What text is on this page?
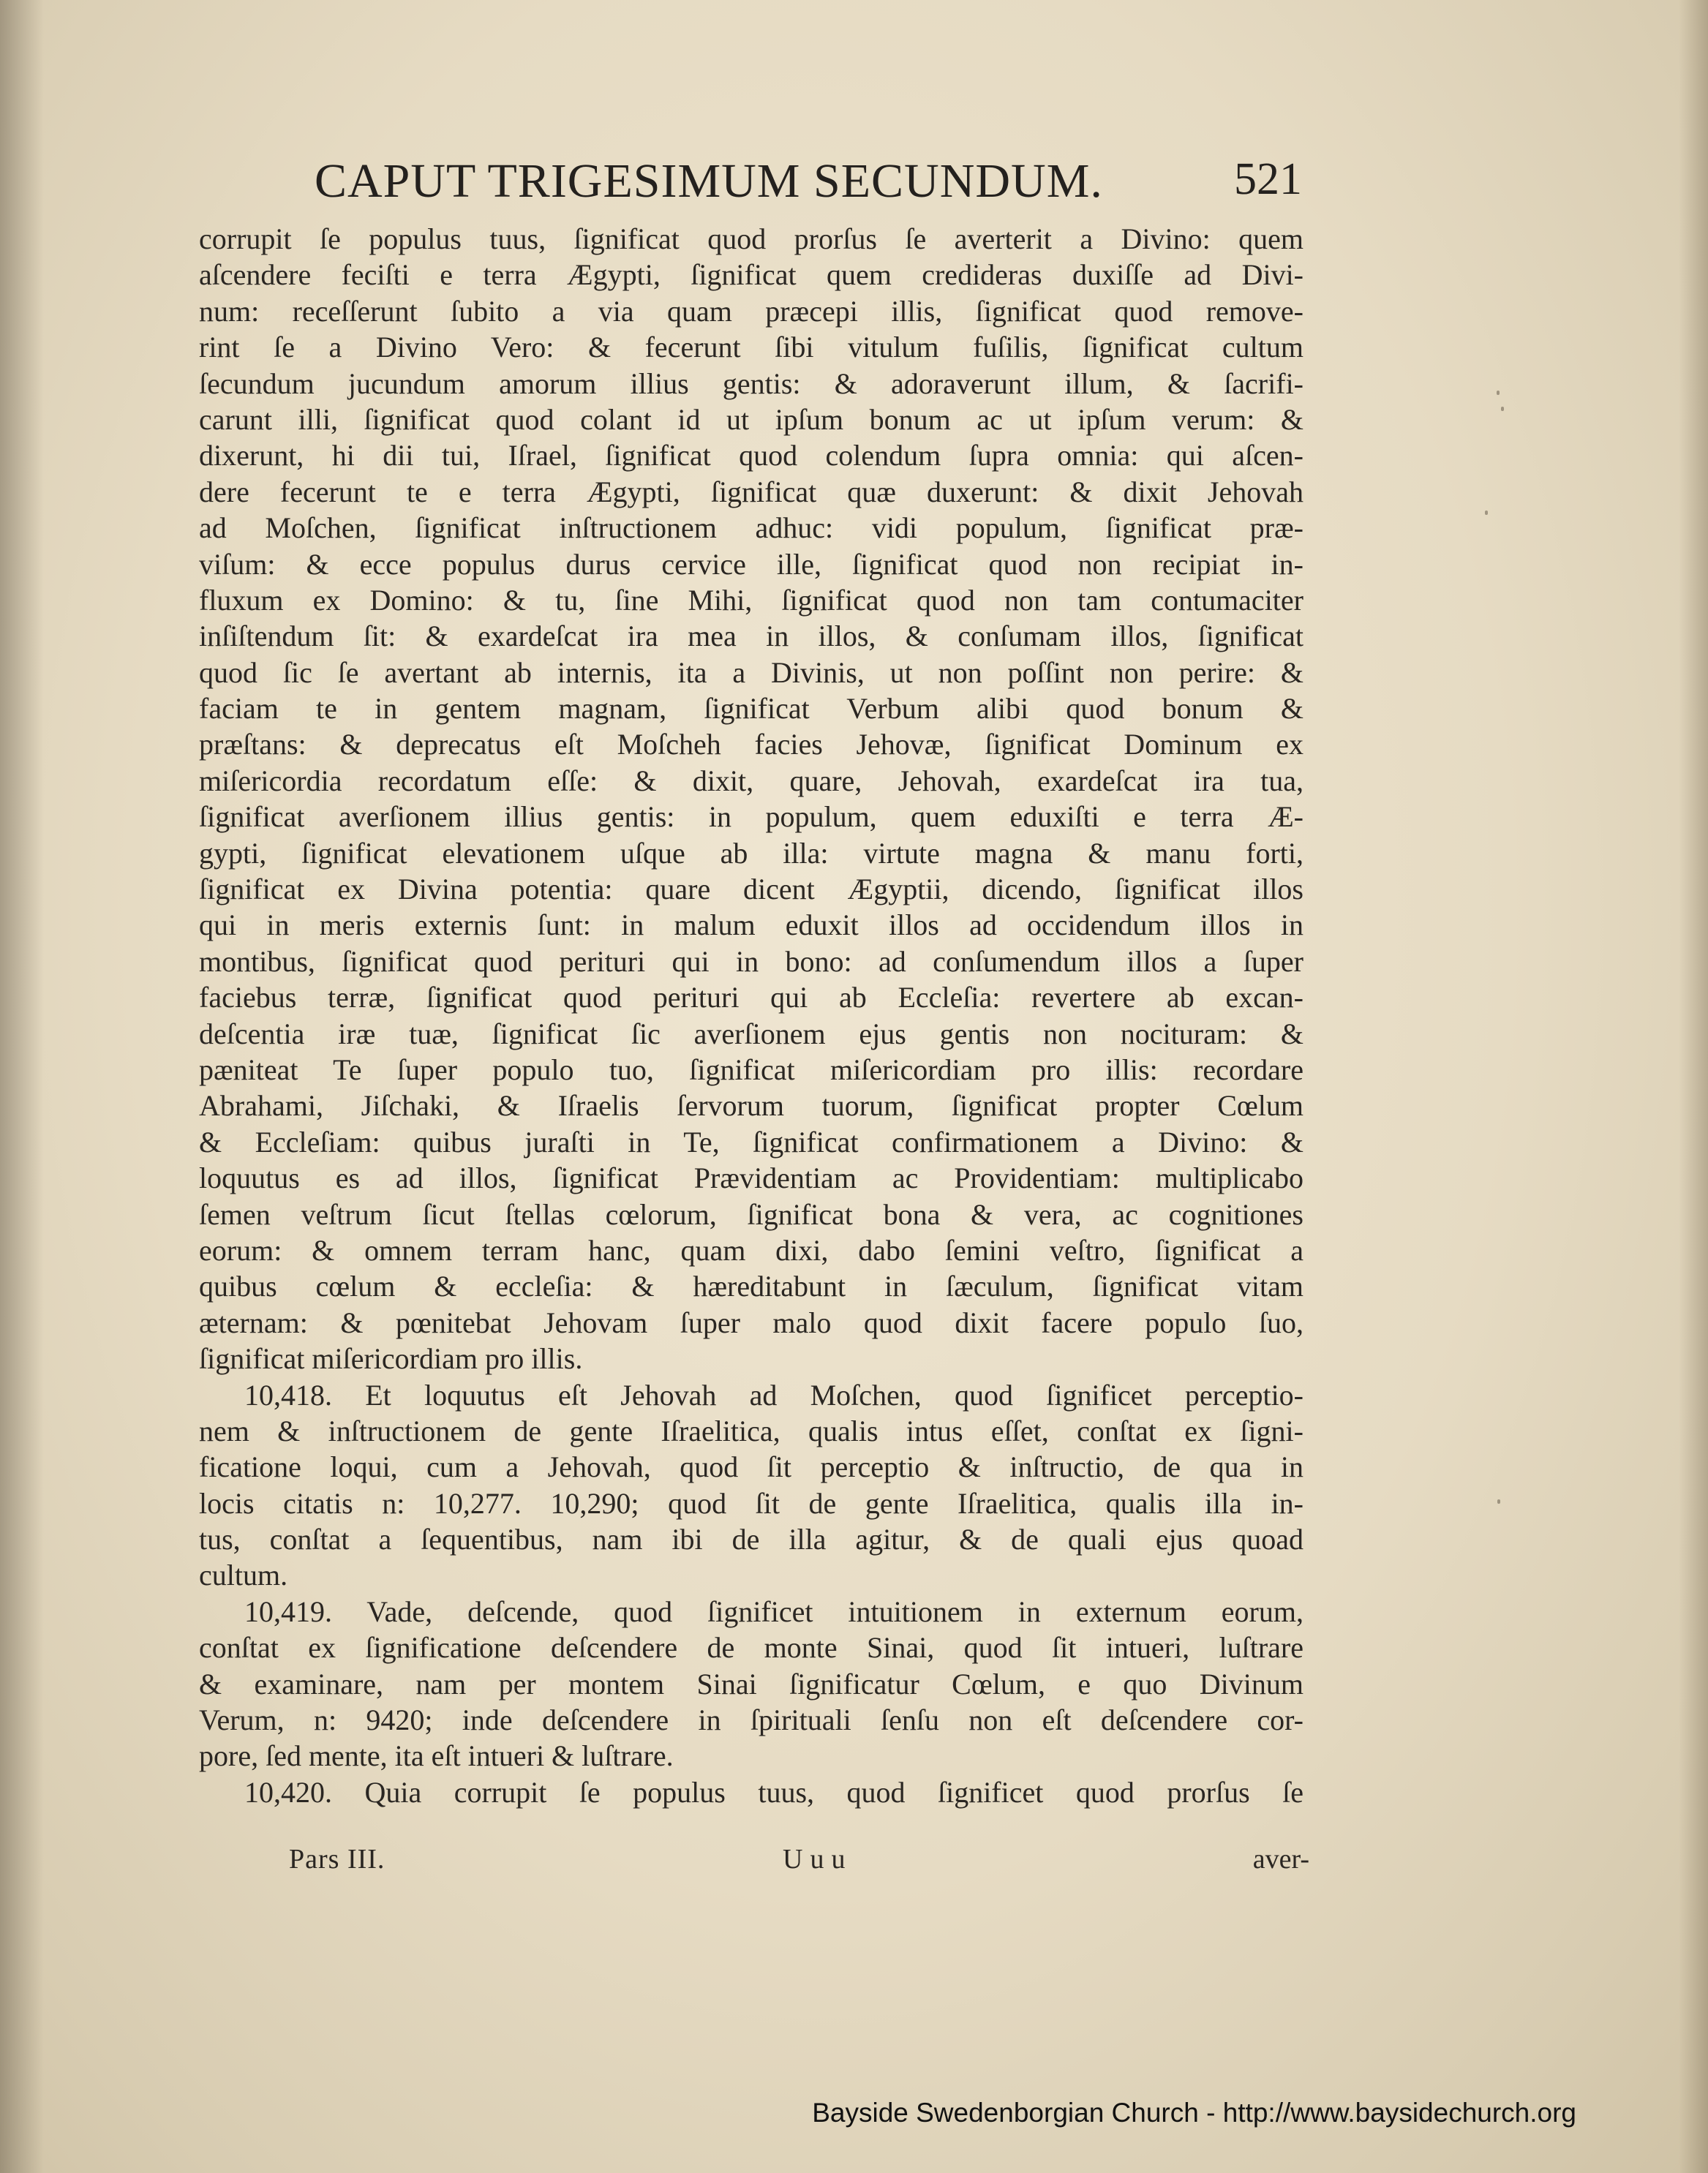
CAPUT TRIGESIMUM SECUNDUM.	521
corrupit ſe populus tuus, ſignificat quod prorſus ſe averterit a Divino: quem
aſcendere feciſti e terra Ægypti, ſignificat quem credideras duxiſſe ad Divi-
num: receſſerunt ſubito a via quam præcepi illis, ſignificat quod remove-
rint ſe a Divino Vero: & fecerunt ſibi vitulum fuſilis, ſignificat cultum
ſecundum jucundum amorum illius gentis: & adoraverunt illum, & ſacrifi-
carunt illi, ſignificat quod colant id ut ipſum bonum ac ut ipſum verum: &
dixerunt, hi dii tui, Iſrael, ſignificat quod colendum ſupra omnia: qui aſcen-
dere fecerunt te e terra Ægypti, ſignificat quæ duxerunt: & dixit Jehovah
ad Moſchen, ſignificat inſtructionem adhuc: vidi populum, ſignificat præ-
viſum: & ecce populus durus cervice ille, ſignificat quod non recipiat in-
fluxum ex Domino: & tu, ſine Mihi, ſignificat quod non tam contumaciter
inſiſtendum ſit: & exardeſcat ira mea in illos, & conſumam illos, ſignificat
quod ſic ſe avertant ab internis, ita a Divinis, ut non poſſint non perire: &
faciam te in gentem magnam, ſignificat Verbum alibi quod bonum &
præſtans: & deprecatus eſt Moſcheh facies Jehovæ, ſignificat Dominum ex
miſericordia recordatum eſſe: & dixit, quare, Jehovah, exardeſcat ira tua,
ſignificat averſionem illius gentis: in populum, quem eduxiſti e terra Æ-
gypti, ſignificat elevationem uſque ab illa: virtute magna & manu forti,
ſignificat ex Divina potentia: quare dicent Ægyptii, dicendo, ſignificat illos
qui in meris externis ſunt: in malum eduxit illos ad occidendum illos in
montibus, ſignificat quod perituri qui in bono: ad conſumendum illos a ſuper
faciebus terræ, ſignificat quod perituri qui ab Eccleſia: revertere ab excan-
deſcentia iræ tuæ, ſignificat ſic averſionem ejus gentis non nocituram: &
pæniteat Te ſuper populo tuo, ſignificat miſericordiam pro illis: recordare
Abrahami, Jiſchaki, & Iſraelis ſervorum tuorum, ſignificat propter Cœlum
& Eccleſiam: quibus juraſti in Te, ſignificat confirmationem a Divino: &
loquutus es ad illos, ſignificat Prævidentiam ac Providentiam: multiplicabo
ſemen veſtrum ſicut ſtellas cœlorum, ſignificat bona & vera, ac cognitiones
eorum: & omnem terram hanc, quam dixi, dabo ſemini veſtro, ſignificat a
quibus cœlum & eccleſia: & hæreditabunt in ſæculum, ſignificat vitam
æternam: & pœnitebat Jehovam ſuper malo quod dixit facere populo ſuo,
ſignificat miſericordiam pro illis.
10,418. Et loquutus eſt Jehovah ad Moſchen, quod ſignificet perceptio-
nem & inſtructionem de gente Iſraelitica, qualis intus eſſet, conſtat ex ſigni-
ficatione loqui, cum a Jehovah, quod ſit perceptio & inſtructio, de qua in
locis citatis n: 10,277. 10,290; quod ſit de gente Iſraelitica, qualis illa in-
tus, conſtat a ſequentibus, nam ibi de illa agitur, & de quali ejus quoad
cultum.
10,419. Vade, deſcende, quod ſignificet intuitionem in externum eorum,
conſtat ex ſignificatione deſcendere de monte Sinai, quod ſit intueri, luſtrare
& examinare, nam per montem Sinai ſignificatur Cœlum, e quo Divinum
Verum, n: 9420; inde deſcendere in ſpirituali ſenſu non eſt deſcendere cor-
pore, ſed mente, ita eſt intueri & luſtrare.
10,420. Quia corrupit ſe populus tuus, quod ſignificet quod prorſus ſe
Pars III.	Uuu	aver-
Bayside Swedenborgian Church - http://www.baysidechurch.org
